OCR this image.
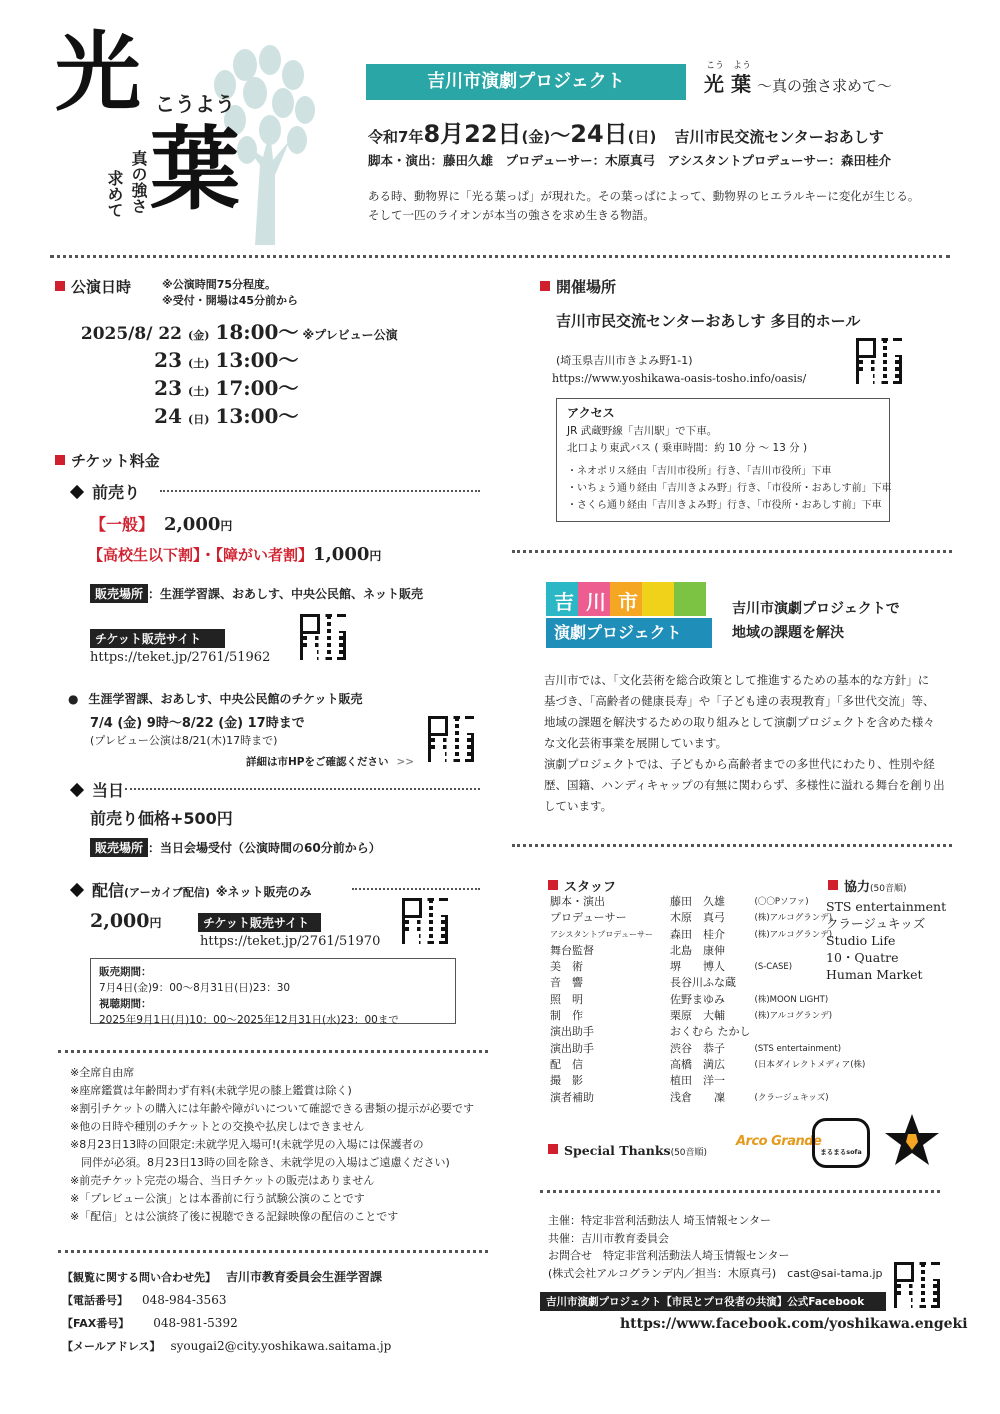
光
葉
こうよう
真の強さ
求めて
吉川市演劇プロジェクト
こう　よう
光 葉 ～真の強さ求めて～
令和7年8月22日(金)～24日(日) 吉川市民交流センターおあしす
脚本・演出：藤田久雄　プロデューサー：木原真弓　アシスタントプロデューサー：森田桂介
ある時、動物界に「光る葉っぱ」が現れた。その葉っぱによって、動物界のヒエラルキーに変化が生じる。
そして一匹のライオンが本当の強さを求め生きる物語。
公演日時	※公演時間75分程度。
※受付・開場は45分前から
2025/8/ 22 (金) 18:00～ ※プレビュー公演
23 (土) 13:00～
23 (土) 17:00～
24 (日) 13:00～
チケット料金
前売り
【一般】 2,000円
【高校生以下割】・【障がい者割】1,000円
販売場所 ：生涯学習課、おあしす、中央公民館、ネット販売
チケット販売サイト
https://teket.jp/2761/51962
● 生涯学習課、おあしす、中央公民館のチケット販売
7/4 (金) 9時～8/22 (金) 17時まで
(プレビュー公演は8/21(木)17時まで)
詳細は市HPをご確認ください >>
当日
前売り価格+500円
販売場所 ：当日会場受付（公演時間の60分前から）
配信(アーカイブ配信) ※ネット販売のみ
2,000円	チケット販売サイト
https://teket.jp/2761/51970
販売期間：
7月4日(金)9：00～8月31日(日)23：30
視聴期間：
2025年9月1日(月)10：00～2025年12月31日(水)23：00まで
※全席自由席
※座席鑑賞は年齢問わず有料(未就学児の膝上鑑賞は除く)
※割引チケットの購入には年齢や障がいについて確認できる書類の提示が必要です
※他の日時や種別のチケットとの交換や払戻しはできません
※8月23日13時の回限定:未就学児入場可!(未就学児の入場には保護者の
　同伴が必須。8月23日13時の回を除き、未就学児の入場はご遠慮ください)
※前売チケット完売の場合、当日チケットの販売はありません
※「プレビュー公演」とは本番前に行う試験公演のことです
※「配信」とは公演終了後に視聴できる記録映像の配信のことです
【観覧に関する問い合わせ先】 吉川市教育委員会生涯学習課
【電話番号】 048-984-3563
【FAX番号】 048-981-5392
【メールアドレス】 syougai2@city.yoshikawa.saitama.jp
開催場所
吉川市民交流センターおあしす 多目的ホール
(埼玉県吉川市きよみ野1-1)
https://www.yoshikawa-oasis-tosho.info/oasis/
アクセス
JR 武蔵野線「吉川駅」で下車。
北口より東武バス ( 乗車時間：約 10 分 ～ 13 分 )
・ネオポリス経由「吉川市役所」行き、「吉川市役所」下車
・いちょう通り経由「吉川きよみ野」行き、「市役所・おあしす前」下車
・さくら通り経由「吉川きよみ野」行き、「市役所・おあしす前」下車
吉 川 市
演劇プロジェクト
吉川市演劇プロジェクトで
地域の課題を解決
吉川市では、「文化芸術を総合政策として推進するための基本的な方針」に
基づき、「高齢者の健康長寿」や「子ども達の表現教育」「多世代交流」等、
地域の課題を解決するための取り組みとして演劇プロジェクトを含めた様々
な文化芸術事業を展開しています。
演劇プロジェクトでは、子どもから高齢者までの多世代にわたり、性別や経
歴、国籍、ハンディキャップの有無に関わらず、多様性に溢れる舞台を創り出
しています。
スタッフ
脚本・演出	藤田　久雄	(〇〇Pソファ)
プロデューサー	木原　真弓	(株)アルコグランデ)
アシスタントプロデューサー	森田　桂介	(株)アルコグランデ)
舞台監督	北島　康伸	
美　術	堺　　博人	(S-CASE)
音　響	長谷川ふな蔵	
照　明	佐野まゆみ	(株)MOON LIGHT)
制　作	栗原　大輔	(株)アルコグランデ)
演出助手	おくむら たかし	
演出助手	渋谷　恭子	(STS entertainment)
配　信	高橋　満広	(日本ダイレクトメディア(株)
撮　影	植田　洋一	
演者補助	浅倉　　凜	(クラージュキッズ)
協力(50音順)
STS entertainment
クラージュキッズ
Studio Life
10・Quatre
Human Market
Special Thanks(50音順)
Arco Grande
まるまるsofa
主催：特定非営利活動法人 埼玉情報センター
共催：吉川市教育委員会
お問合せ　特定非営利活動法人埼玉情報センター
(株式会社アルコグランデ内／担当：木原真弓)　cast@sai-tama.jp
吉川市演劇プロジェクト【市民とプロ役者の共演】公式Facebook
https://www.facebook.com/yoshikawa.engeki
